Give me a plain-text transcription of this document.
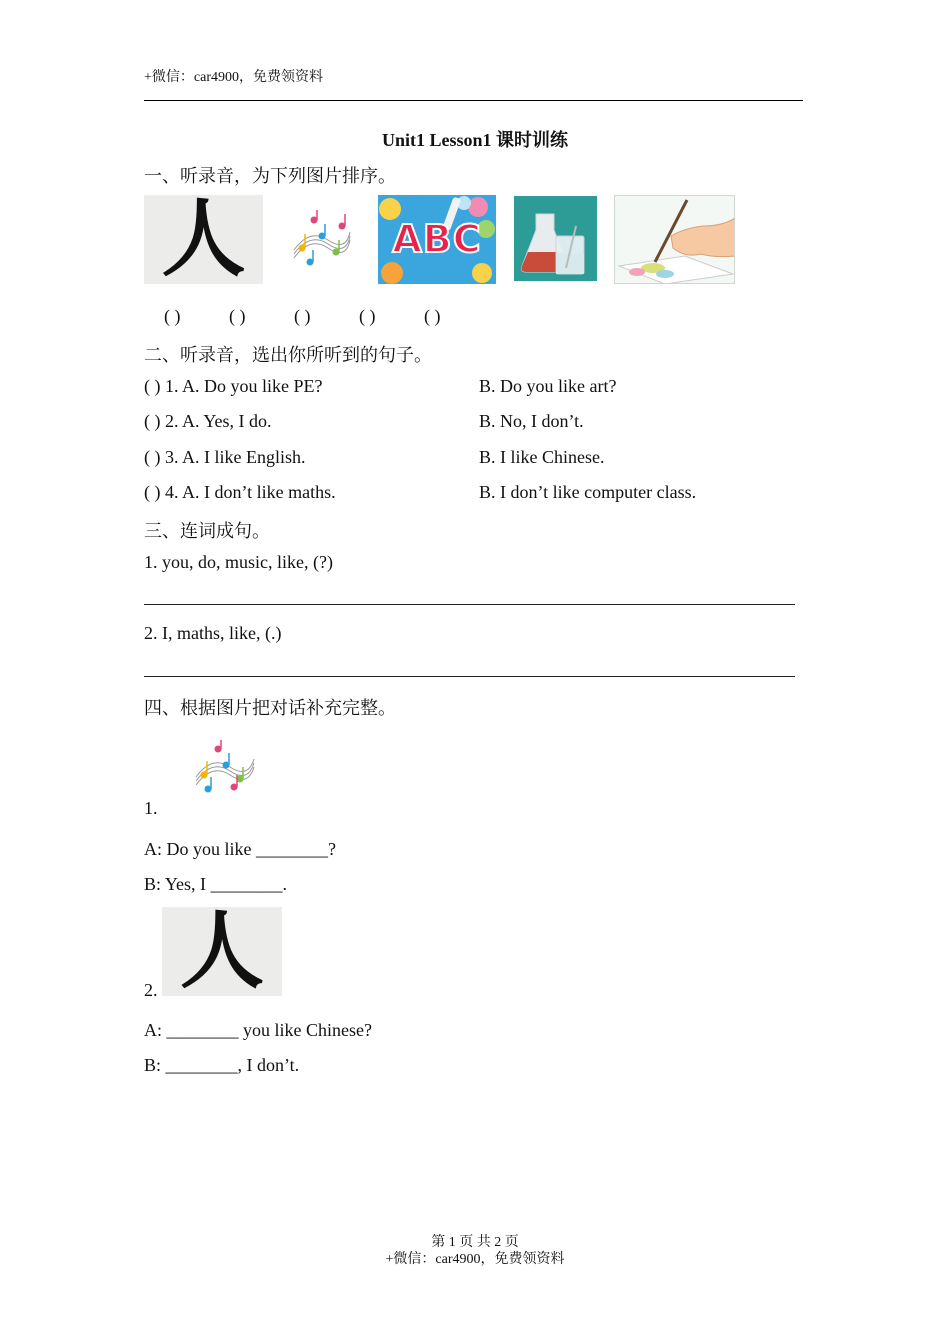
+微信：car4900，免费领资料
Unit1 Lesson1 课时训练
一、听录音，为下列图片排序。
人	ABC
( )	( )	( )	( )	( )
二、听录音，选出你所听到的句子。
( ) 1. A. Do you like PE?	B. Do you like art?
( ) 2. A. Yes, I do.	B. No, I don’t.
( ) 3. A. I like English.	B. I like Chinese.
( ) 4. A. I don’t like maths.	B. I don’t like computer class.
三、连词成句。
1. you, do, music, like, (?)
2. I, maths, like, (.)
四、根据图片把对话补充完整。
1.
A: Do you like ________?
B: Yes, I ________.
人
2.
A: ________ you like Chinese?
B: ________, I don’t.
第 1 页 共 2 页
+微信：car4900，免费领资料
